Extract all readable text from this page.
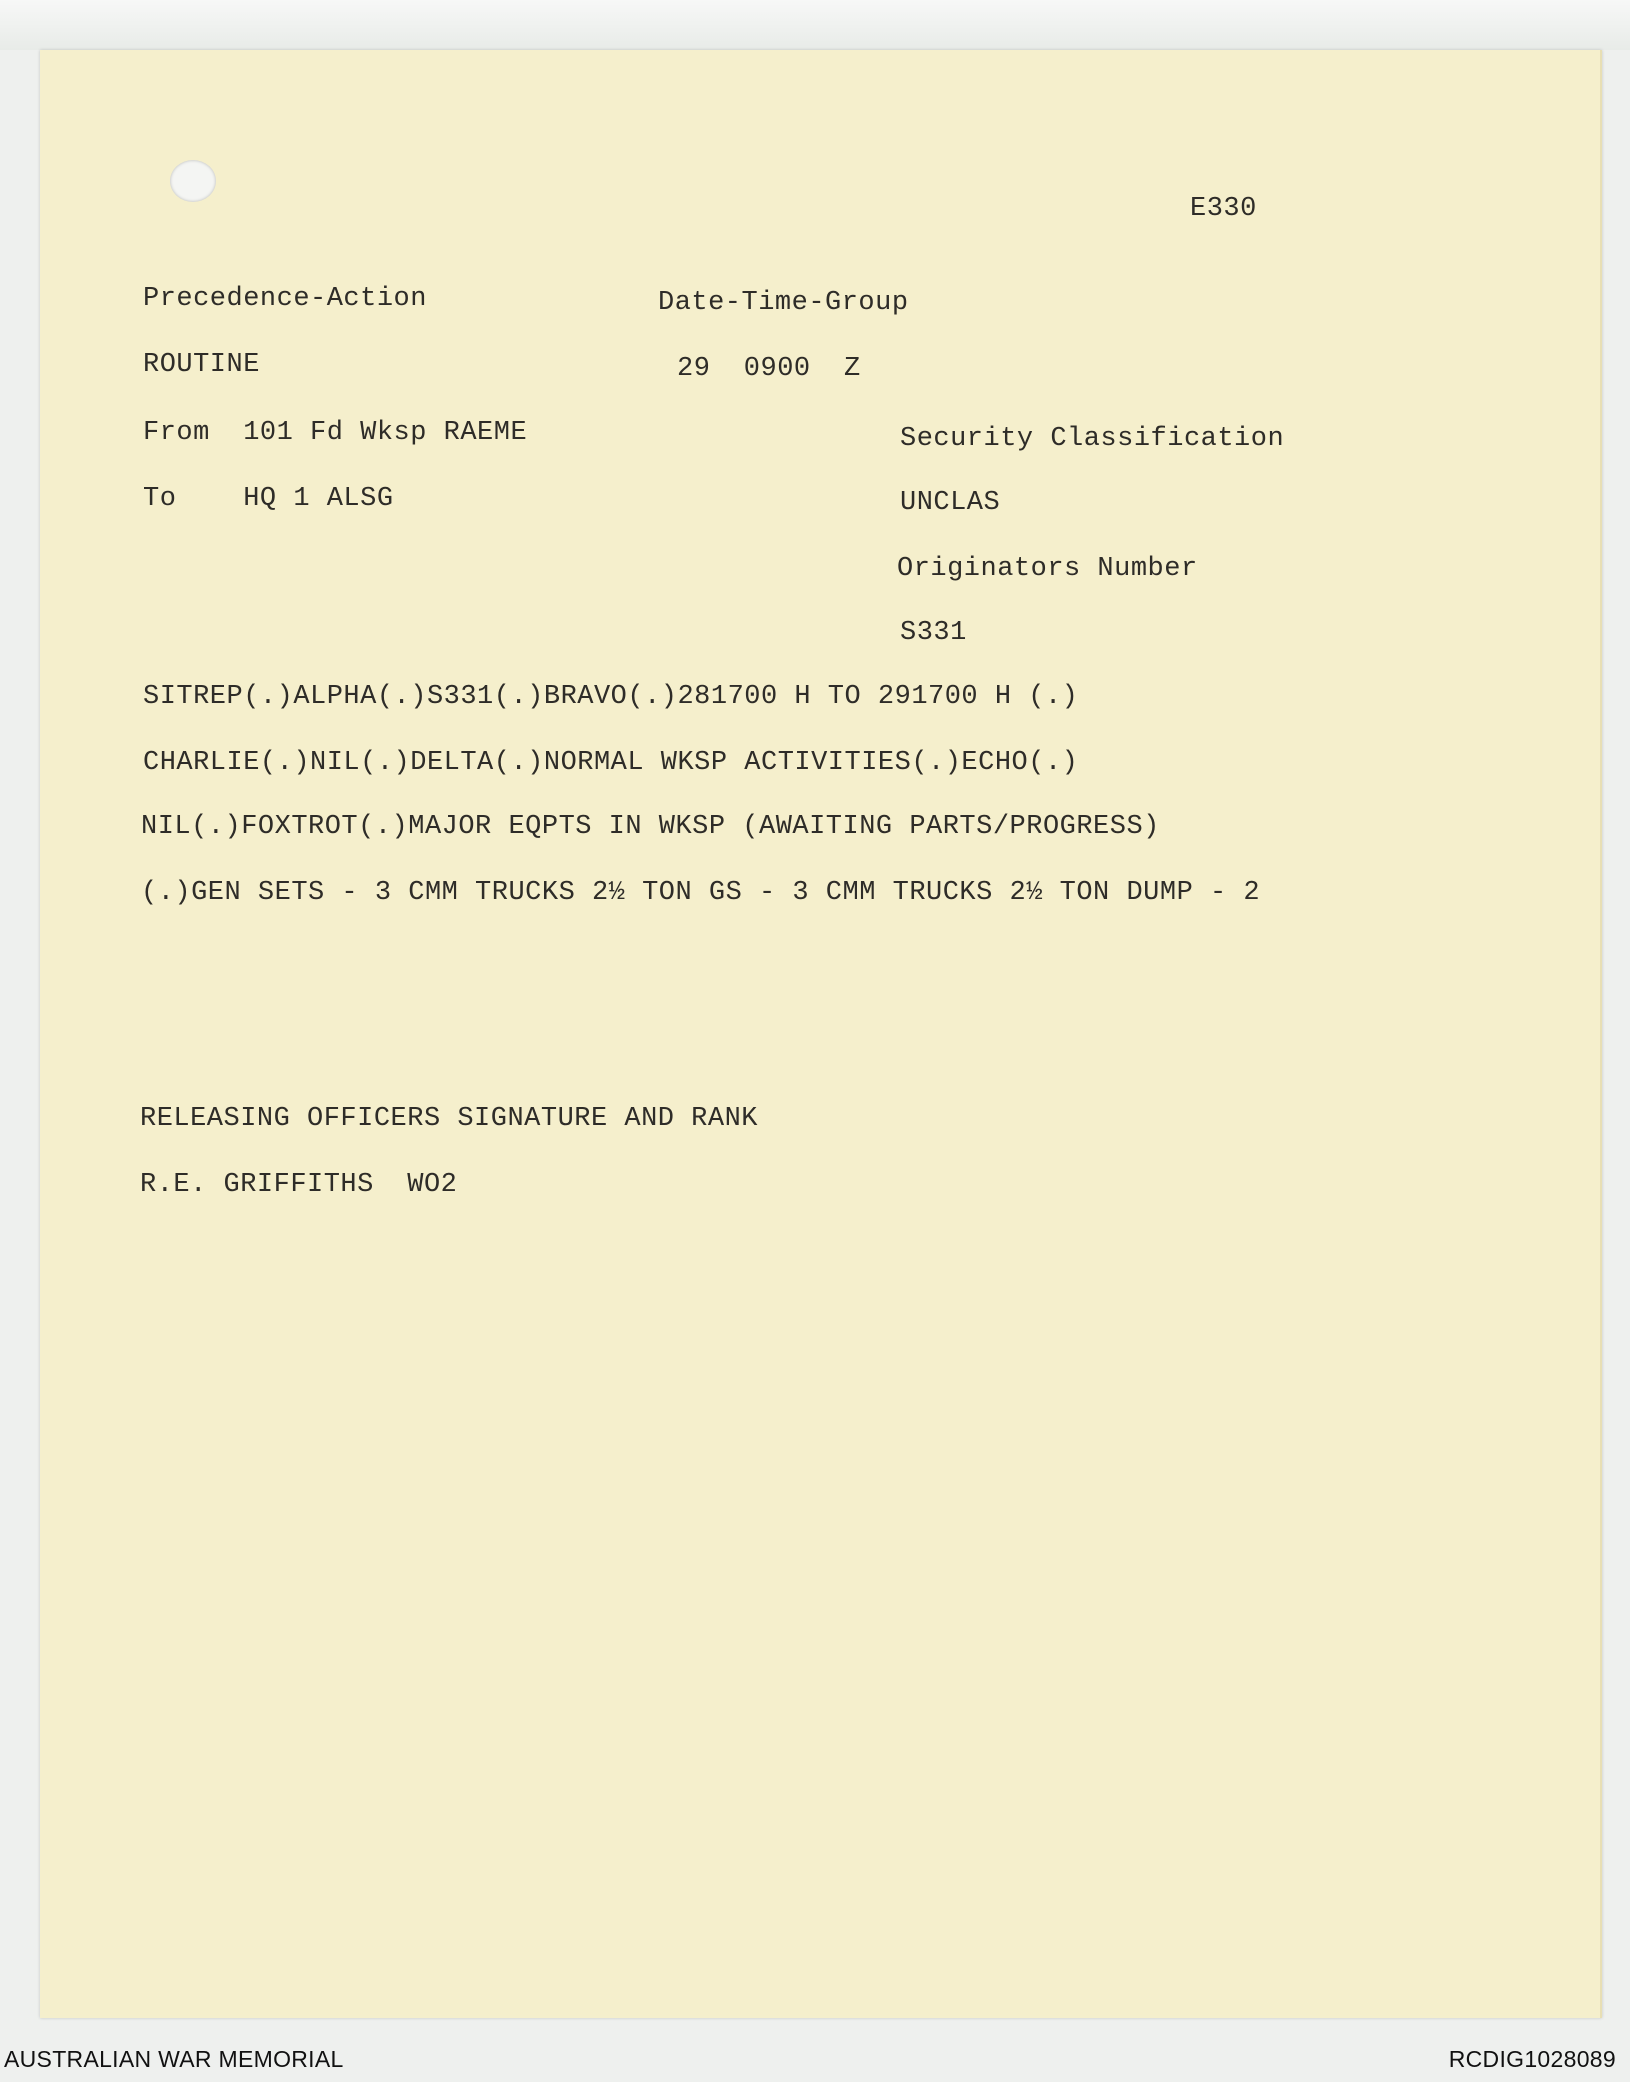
E330
Precedence-Action
ROUTINE
Date-Time-Group
29  0900  Z
From  101 Fd Wksp RAEME
To    HQ 1 ALSG
Security Classification
UNCLAS
Originators Number
S331
SITREP(.)ALPHA(.)S331(.)BRAVO(.)281700 H TO 291700 H (.)
CHARLIE(.)NIL(.)DELTA(.)NORMAL WKSP ACTIVITIES(.)ECHO(.)
NIL(.)FOXTROT(.)MAJOR EQPTS IN WKSP (AWAITING PARTS/PROGRESS)
(.)GEN SETS - 3 CMM TRUCKS 2½ TON GS - 3 CMM TRUCKS 2½ TON DUMP - 2
RELEASING OFFICERS SIGNATURE AND RANK
R.E. GRIFFITHS  WO2
AUSTRALIAN WAR MEMORIAL	RCDIG1028089
